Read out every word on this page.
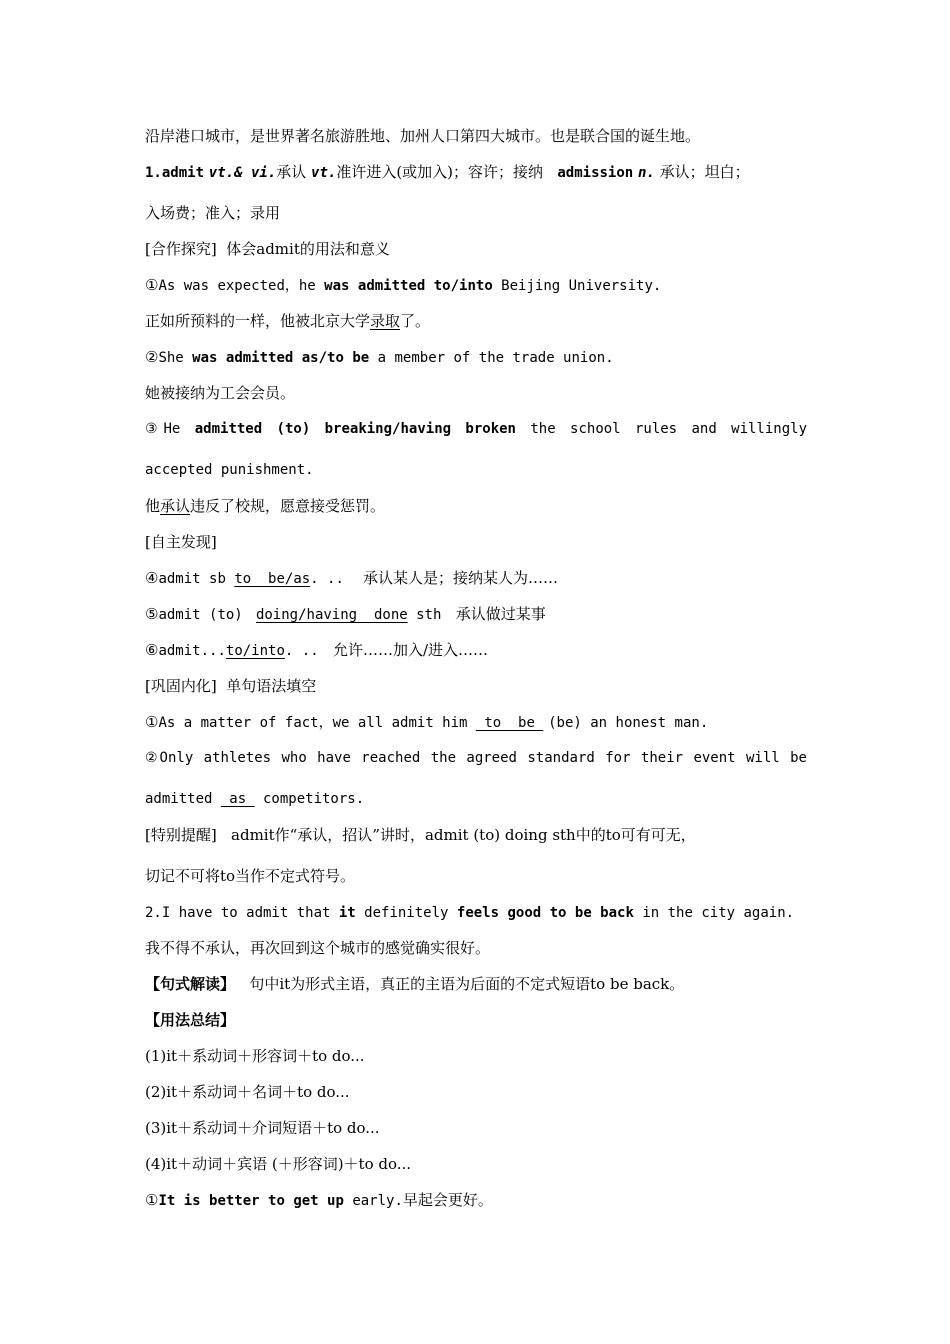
沿岸港口城市，是世界著名旅游胜地、加州人口第四大城市。也是联合国的诞生地。
1.admit vt.& vi.承认 vt.准许进入(或加入)；容许；接纳 admission n. 承认；坦白；
入场费；准入；录用
[合作探究] 体会admit的用法和意义
①As was expected，he was admitted to/into Beijing University.
正如所预料的一样，他被北京大学录取了。
②She was admitted as/to be a member of the trade union.
她被接纳为工会会员。
③He admitted (to) breaking/having broken the school rules and willingly
accepted punishment.
他承认违反了校规，愿意接受惩罚。
[自主发现]
④admit sb to  be/as. .. 承认某人是；接纳某人为……
⑤admit (to)  doing/having  done sth 承认做过某事
⑥admit...to/into. .. 允许……加入/进入……
[巩固内化] 单句语法填空
①As a matter of fact，we all admit him  to  be  (be) an honest man.
②Only athletes who have reached the agreed standard for their event will be
admitted  as  competitors.
[特别提醒] admit作“承认，招认”讲时，admit (to) doing sth中的to可有可无，
切记不可将to当作不定式符号。
2.I have to admit that it definitely feels good to be back in the city again.
我不得不承认，再次回到这个城市的感觉确实很好。
【句式解读】 句中it为形式主语，真正的主语为后面的不定式短语to be back。
【用法总结】
(1)it＋系动词＋形容词＋to do...
(2)it＋系动词＋名词＋to do...
(3)it＋系动词＋介词短语＋to do...
(4)it＋动词＋宾语 (＋形容词)＋to do...
①It is better to get up early.早起会更好。
